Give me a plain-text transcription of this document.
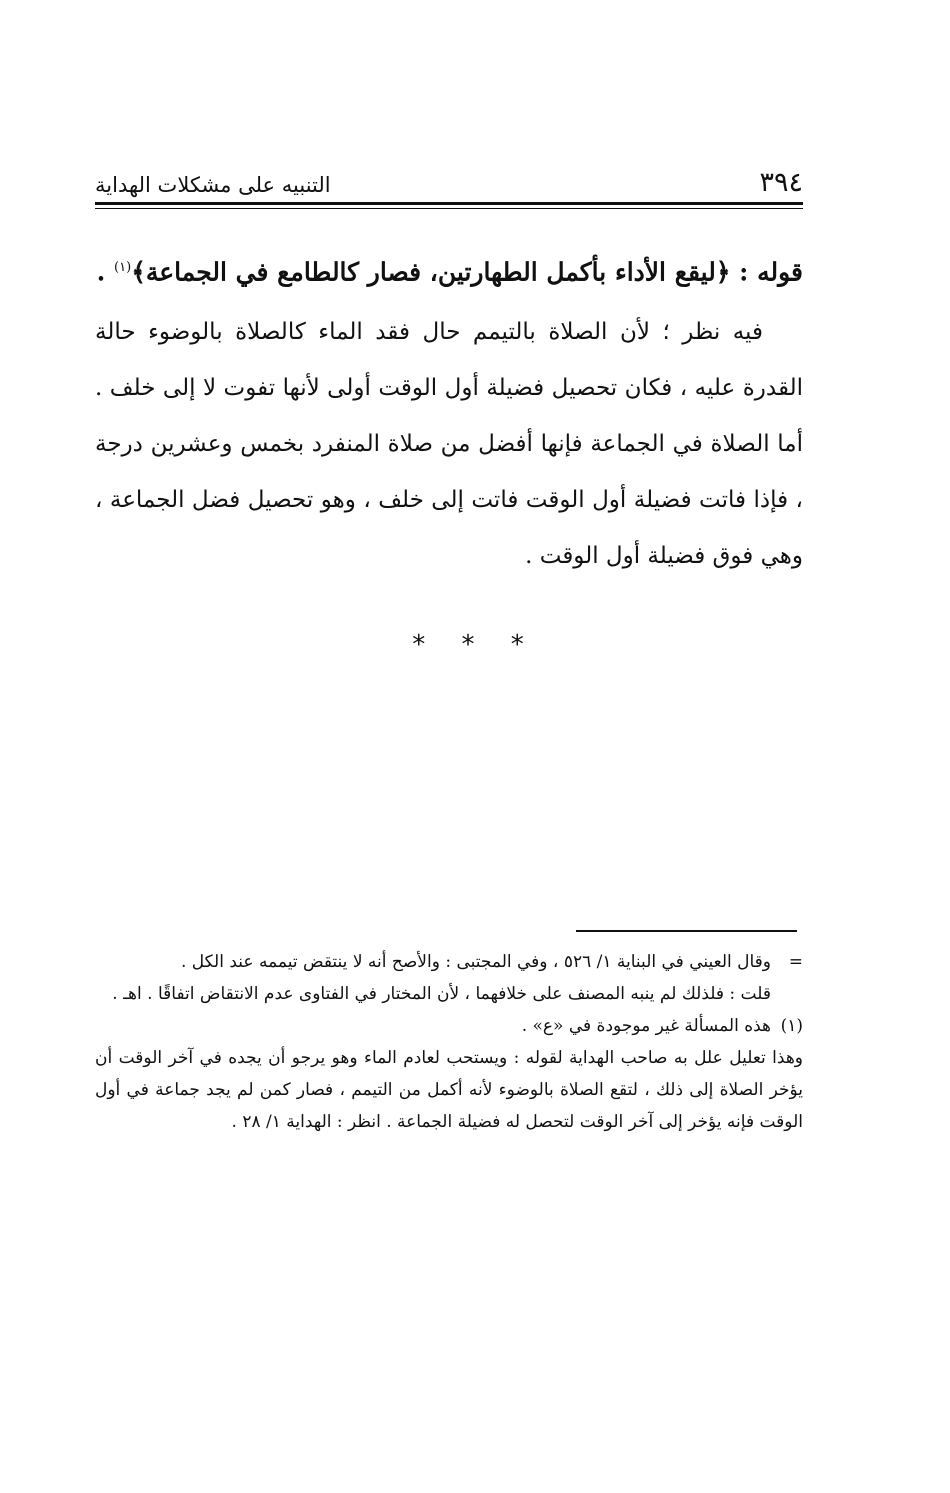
٣٩٤
التنبيه على مشكلات الهداية

قوله : ﴿ليقع الأداء بأكمل الطهارتين، فصار كالطامع في الجماعة﴾$^{(١)}$ .

فيه نظر ؛ لأن الصلاة بالتيمم حال فقد الماء كالصلاة بالوضوء حالة القدرة عليه ، فكان تحصيل فضيلة أول الوقت أولى لأنها تفوت لا إلى خلف . أما الصلاة في الجماعة فإنها أفضل من صلاة المنفرد بخمس وعشرين درجة ، فإذا فاتت فضيلة أول الوقت فاتت إلى خلف ، وهو تحصيل فضل الجماعة ، وهي فوق فضيلة أول الوقت .

* * *
=

وقال العيني في البناية ١/ ٥٢٦ ، وفي المجتبى : والأصح أنه لا ينتقض تيممه عند الكل .

قلت : فلذلك لم ينبه المصنف على خلافهما ، لأن المختار في الفتاوى عدم الانتقاض اتفاقًا . اهـ .

(١)

هذه المسألة غير موجودة في «ع» .

وهذا تعليل علل به صاحب الهداية لقوله : ويستحب لعادم الماء وهو يرجو أن يجده في آخر الوقت أن يؤخر الصلاة إلى ذلك ، لتقع الصلاة بالوضوء لأنه أكمل من التيمم ، فصار كمن لم يجد جماعة في أول الوقت فإنه يؤخر إلى آخر الوقت لتحصل له فضيلة الجماعة . انظر : الهداية ١/ ٢٨ .
